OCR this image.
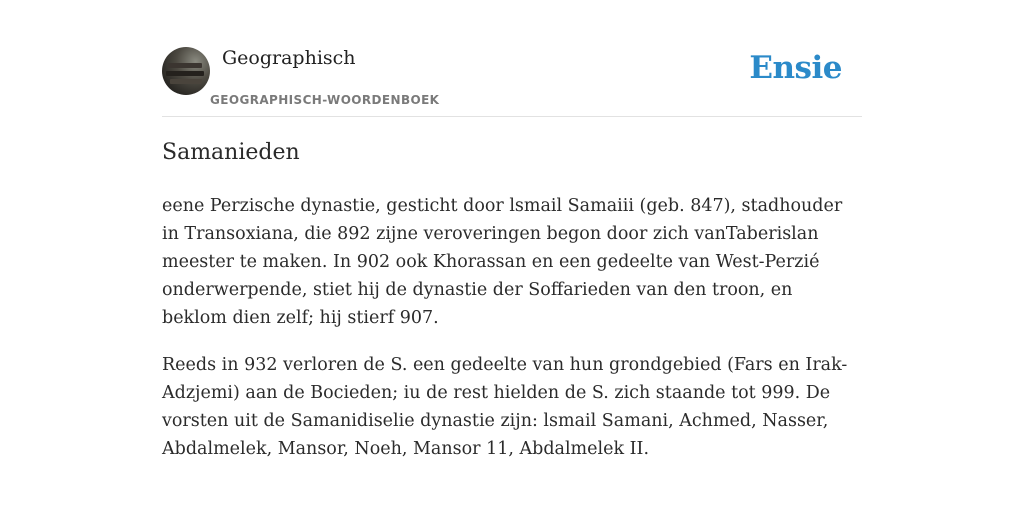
Geographisch
GEOGRAPHISCH-WOORDENBOEK
Ensie
Samanieden

eene Perzische dynastie, gesticht door lsmail Samaiii (geb. 847), stadhouder in Transoxiana, die 892 zijne veroveringen begon door zich vanTaberislan meester te maken. In 902 ook Khorassan en een gedeelte van West-Perzié onderwerpende, stiet hij de dynastie der Soffarieden van den troon, en beklom dien zelf; hij stierf 907.

Reeds in 932 verloren de S. een gedeelte van hun grondgebied (Fars en Irak-Adzjemi) aan de Bocieden; iu de rest hielden de S. zich staande tot 999. De vorsten uit de Samanidiselie dynastie zijn: lsmail Samani, Achmed, Nasser, Abdalmelek, Mansor, Noeh, Mansor 11, Abdalmelek II.
